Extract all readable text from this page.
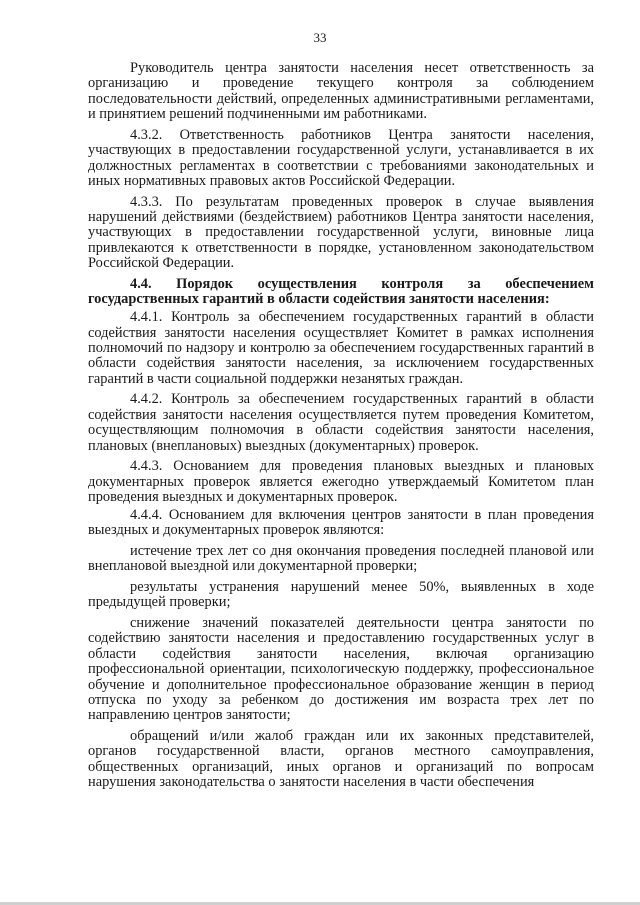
33

Руководитель центра занятости населения несет ответственность за организацию и проведение текущего контроля за соблюдением последовательности действий, определенных административными регламентами, и принятием решений подчиненными им работниками.

4.3.2. Ответственность работников Центра занятости населения, участвующих в предоставлении государственной услуги, устанавливается в их должностных регламентах в соответствии с требованиями законодательных и иных нормативных правовых актов Российской Федерации.

4.3.3. По результатам проведенных проверок в случае выявления нарушений действиями (бездействием) работников Центра занятости населения, участвующих в предоставлении государственной услуги, виновные лица привлекаются к ответственности в порядке, установленном законодательством Российской Федерации.

4.4. Порядок осуществления контроля за обеспечением государственных гарантий в области содействия занятости населения:

4.4.1. Контроль за обеспечением государственных гарантий в области содействия занятости населения осуществляет Комитет в рамках исполнения полномочий по надзору и контролю за обеспечением государственных гарантий в области содействия занятости населения, за исключением государственных гарантий в части социальной поддержки незанятых граждан.

4.4.2. Контроль за обеспечением государственных гарантий в области содействия занятости населения осуществляется путем проведения Комитетом, осуществляющим полномочия в области содействия занятости населения, плановых (внеплановых) выездных (документарных) проверок.

4.4.3. Основанием для проведения плановых выездных и плановых документарных проверок является ежегодно утверждаемый Комитетом план проведения выездных и документарных проверок.

4.4.4. Основанием для включения центров занятости в план проведения выездных и документарных проверок являются:

истечение трех лет со дня окончания проведения последней плановой или внеплановой выездной или документарной проверки;

результаты устранения нарушений менее 50%, выявленных в ходе предыдущей проверки;

снижение значений показателей деятельности центра занятости по содействию занятости населения и предоставлению государственных услуг в области содействия занятости населения, включая организацию профессиональной ориентации, психологическую поддержку, профессиональное обучение и дополнительное профессиональное образование женщин в период отпуска по уходу за ребенком до достижения им возраста трех лет по направлению центров занятости;

обращений и/или жалоб граждан или их законных представителей, органов государственной власти, органов местного самоуправления, общественных организаций, иных органов и организаций по вопросам нарушения законодательства о занятости населения в части обеспечения
